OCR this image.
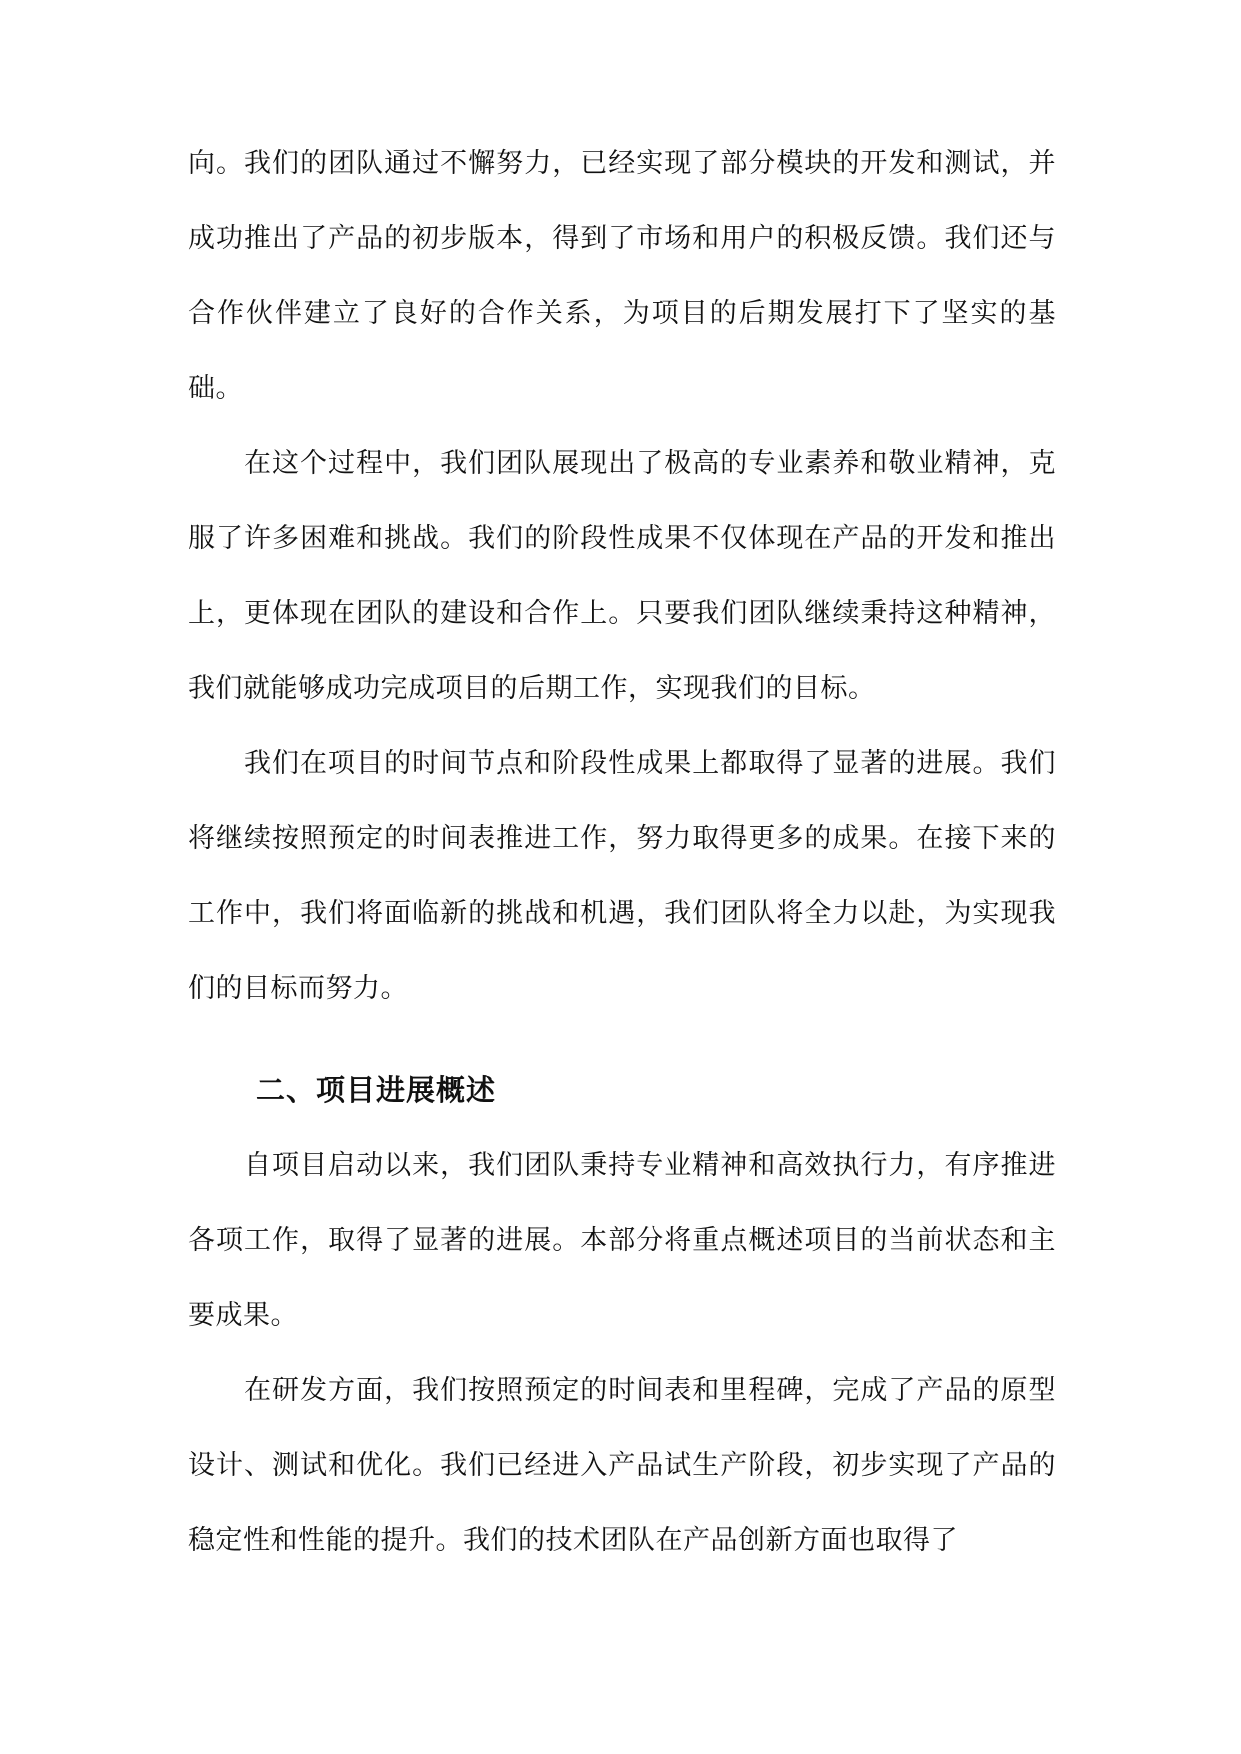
向。我们的团队通过不懈努力，已经实现了部分模块的开发和测试，并成功推出了产品的初步版本，得到了市场和用户的积极反馈。我们还与合作伙伴建立了良好的合作关系，为项目的后期发展打下了坚实的基础。

在这个过程中，我们团队展现出了极高的专业素养和敬业精神，克服了许多困难和挑战。我们的阶段性成果不仅体现在产品的开发和推出上，更体现在团队的建设和合作上。只要我们团队继续秉持这种精神，我们就能够成功完成项目的后期工作，实现我们的目标。

我们在项目的时间节点和阶段性成果上都取得了显著的进展。我们将继续按照预定的时间表推进工作，努力取得更多的成果。在接下来的工作中，我们将面临新的挑战和机遇，我们团队将全力以赴，为实现我们的目标而努力。

二、项目进展概述

自项目启动以来，我们团队秉持专业精神和高效执行力，有序推进各项工作，取得了显著的进展。本部分将重点概述项目的当前状态和主要成果。

在研发方面，我们按照预定的时间表和里程碑，完成了产品的原型设计、测试和优化。我们已经进入产品试生产阶段，初步实现了产品的稳定性和性能的提升。我们的技术团队在产品创新方面也取得了
